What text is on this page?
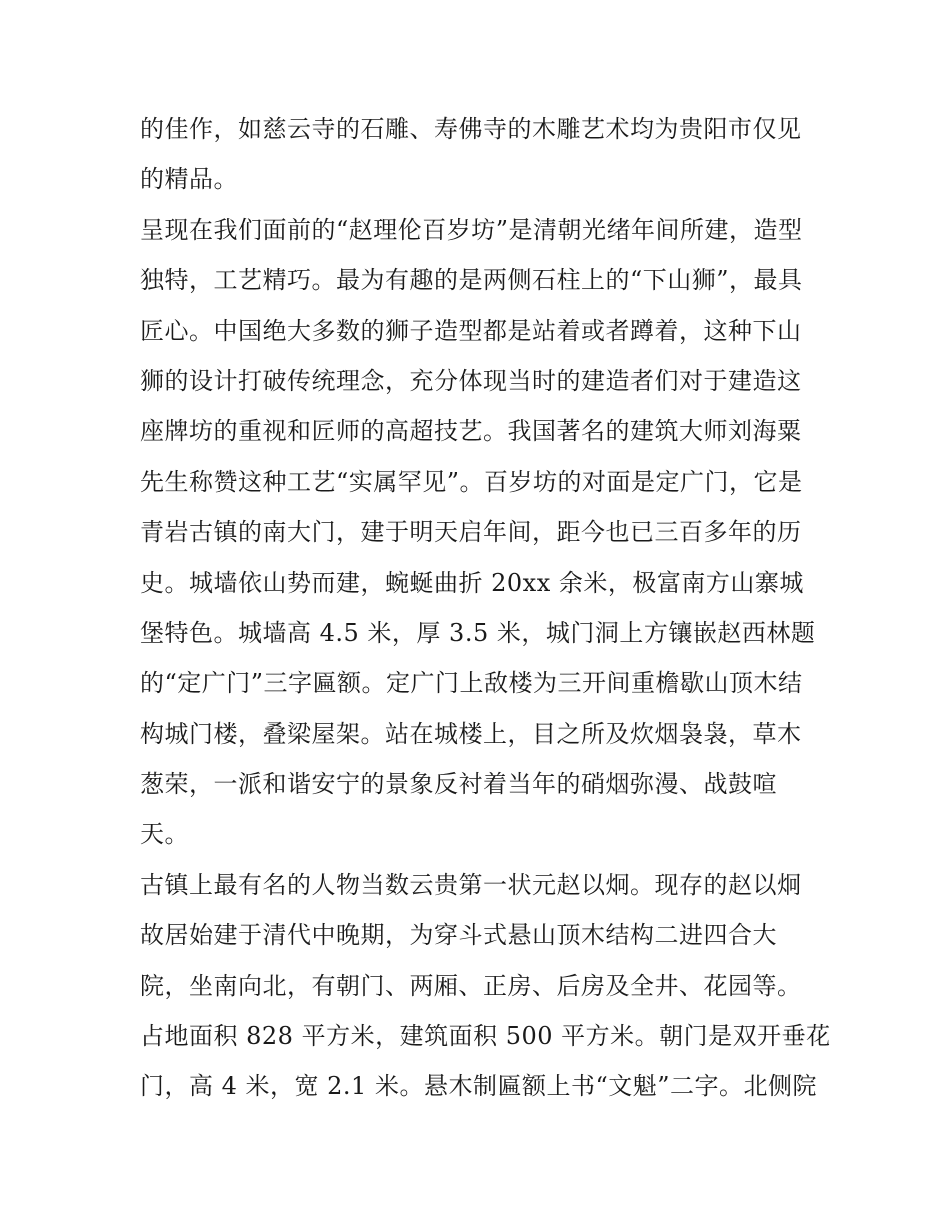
的佳作，如慈云寺的石雕、寿佛寺的木雕艺术均为贵阳市仅见
的精品。
呈现在我们面前的“赵理伦百岁坊”是清朝光绪年间所建，造型
独特，工艺精巧。最为有趣的是两侧石柱上的“下山狮”，最具
匠心。中国绝大多数的狮子造型都是站着或者蹲着，这种下山
狮的设计打破传统理念，充分体现当时的建造者们对于建造这
座牌坊的重视和匠师的高超技艺。我国著名的建筑大师刘海粟
先生称赞这种工艺“实属罕见”。百岁坊的对面是定广门，它是
青岩古镇的南大门，建于明天启年间，距今也已三百多年的历
史。城墙依山势而建，蜿蜒曲折 20xx 余米，极富南方山寨城
堡特色。城墙高 4.5 米，厚 3.5 米，城门洞上方镶嵌赵西林题
的“定广门”三字匾额。定广门上敌楼为三开间重檐歇山顶木结
构城门楼，叠梁屋架。站在城楼上，目之所及炊烟袅袅，草木
葱荣，一派和谐安宁的景象反衬着当年的硝烟弥漫、战鼓喧
天。
古镇上最有名的人物当数云贵第一状元赵以炯。现存的赵以炯
故居始建于清代中晚期，为穿斗式悬山顶木结构二进四合大
院，坐南向北，有朝门、两厢、正房、后房及全井、花园等。
占地面积 828 平方米，建筑面积 500 平方米。朝门是双开垂花
门，高 4 米，宽 2.1 米。悬木制匾额上书“文魁”二字。北侧院
